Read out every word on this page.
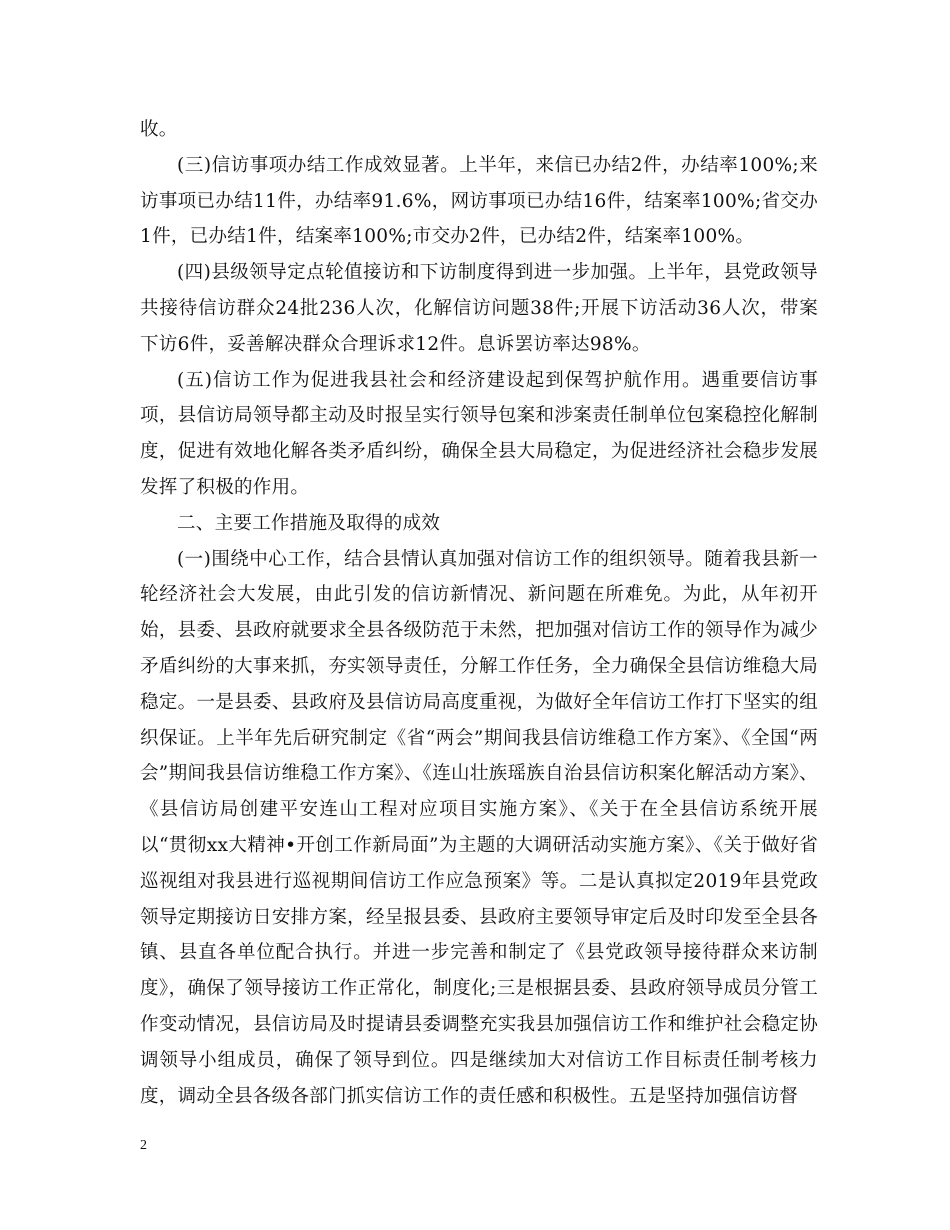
收。

(三)信访事项办结工作成效显著。上半年，来信已办结2件，办结率100%;来访事项已办结11件，办结率91.6%，网访事项已办结16件，结案率100%;省交办1件，已办结1件，结案率100%;市交办2件，已办结2件，结案率100%。

(四)县级领导定点轮值接访和下访制度得到进一步加强。上半年，县党政领导共接待信访群众24批236人次，化解信访问题38件;开展下访活动36人次，带案下访6件，妥善解决群众合理诉求12件。息诉罢访率达98%。

(五)信访工作为促进我县社会和经济建设起到保驾护航作用。遇重要信访事项，县信访局领导都主动及时报呈实行领导包案和涉案责任制单位包案稳控化解制度，促进有效地化解各类矛盾纠纷，确保全县大局稳定，为促进经济社会稳步发展发挥了积极的作用。

二、主要工作措施及取得的成效

(一)围绕中心工作，结合县情认真加强对信访工作的组织领导。随着我县新一轮经济社会大发展，由此引发的信访新情况、新问题在所难免。为此，从年初开始，县委、县政府就要求全县各级防范于未然，把加强对信访工作的领导作为减少矛盾纠纷的大事来抓，夯实领导责任，分解工作任务，全力确保全县信访维稳大局稳定。一是县委、县政府及县信访局高度重视，为做好全年信访工作打下坚实的组织保证。上半年先后研究制定《省“两会”期间我县信访维稳工作方案》、《全国“两会”期间我县信访维稳工作方案》、《连山壮族瑶族自治县信访积案化解活动方案》、《县信访局创建平安连山工程对应项目实施方案》、《关于在全县信访系统开展以“贯彻xx大精神•开创工作新局面”为主题的大调研活动实施方案》、《关于做好省巡视组对我县进行巡视期间信访工作应急预案》等。二是认真拟定2019年县党政领导定期接访日安排方案，经呈报县委、县政府主要领导审定后及时印发至全县各镇、县直各单位配合执行。并进一步完善和制定了《县党政领导接待群众来访制度》，确保了领导接访工作正常化，制度化;三是根据县委、县政府领导成员分管工作变动情况，县信访局及时提请县委调整充实我县加强信访工作和维护社会稳定协调领导小组成员，确保了领导到位。四是继续加大对信访工作目标责任制考核力度，调动全县各级各部门抓实信访工作的责任感和积极性。五是坚持加强信访督

2
